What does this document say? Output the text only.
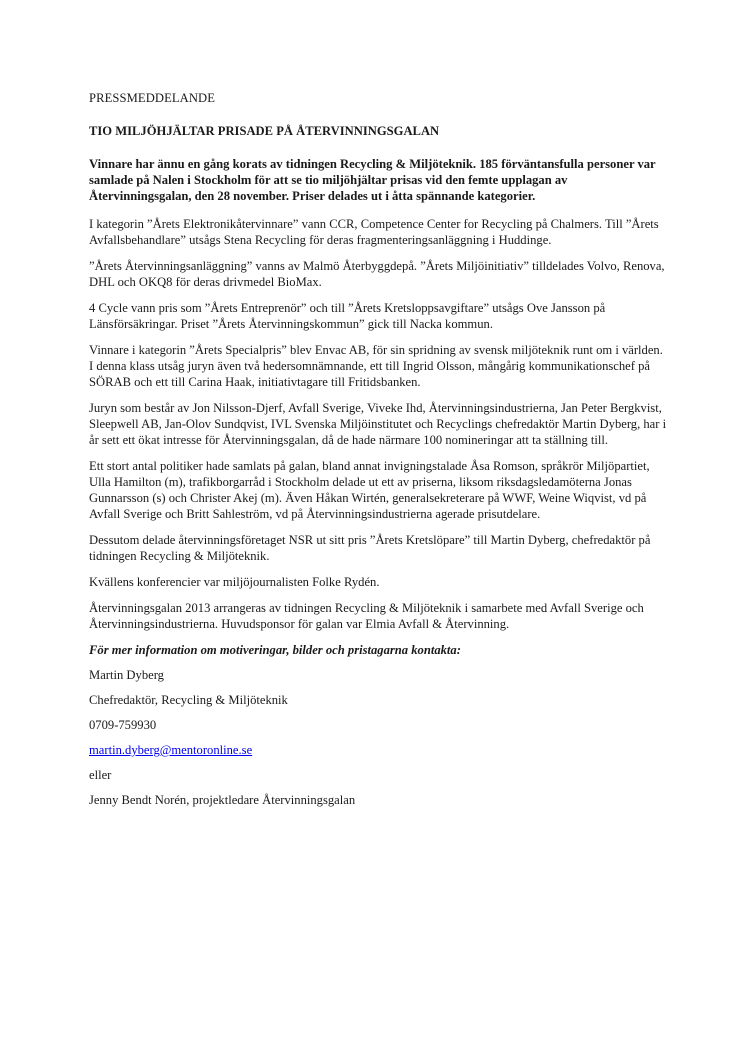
PRESSMEDDELANDE

TIO MILJÖHJÄLTAR PRISADE PÅ ÅTERVINNINGSGALAN

Vinnare har ännu en gång korats av tidningen Recycling & Miljöteknik. 185 förväntansfulla personer var samlade på Nalen i Stockholm för att se tio miljöhjältar prisas vid den femte upplagan av Återvinningsgalan, den 28 november. Priser delades ut i åtta spännande kategorier.

I kategorin ”Årets Elektronikåtervinnare” vann CCR, Competence Center for Recycling på Chalmers. Till ”Årets Avfallsbehandlare” utsågs Stena Recycling för deras fragmenteringsanläggning i Huddinge.

”Årets Återvinningsanläggning” vanns av Malmö Återbyggdepå. ”Årets Miljöinitiativ” tilldelades Volvo, Renova, DHL och OKQ8 för deras drivmedel BioMax.

4 Cycle vann pris som ”Årets Entreprenör” och till ”Årets Kretsloppsavgiftare” utsågs Ove Jansson på Länsförsäkringar. Priset ”Årets Återvinningskommun” gick till Nacka kommun.

Vinnare i kategorin ”Årets Specialpris” blev Envac AB, för sin spridning av svensk miljöteknik runt om i världen. I denna klass utsåg juryn även två hedersomnämnande, ett till Ingrid Olsson, mångårig kommunikationschef på SÖRAB och ett till Carina Haak, initiativtagare till Fritidsbanken.

Juryn som består av Jon Nilsson-Djerf, Avfall Sverige, Viveke Ihd, Återvinningsindustrierna, Jan Peter Bergkvist, Sleepwell AB, Jan-Olov Sundqvist, IVL Svenska Miljöinstitutet och Recyclings chefredaktör Martin Dyberg, har i år sett ett ökat intresse för Återvinningsgalan, då de hade närmare 100 nomineringar att ta ställning till.

Ett stort antal politiker hade samlats på galan, bland annat invigningstalade Åsa Romson, språkrör Miljöpartiet, Ulla Hamilton (m), trafikborgarråd i Stockholm delade ut ett av priserna, liksom riksdagsledamöterna Jonas Gunnarsson (s) och Christer Akej (m). Även Håkan Wirtén, generalsekreterare på WWF, Weine Wiqvist, vd på Avfall Sverige och Britt Sahleström, vd på Återvinningsindustrierna agerade prisutdelare.

Dessutom delade återvinningsföretaget NSR ut sitt pris ”Årets Kretslöpare” till Martin Dyberg, chefredaktör på tidningen Recycling & Miljöteknik.

Kvällens konferencier var miljöjournalisten Folke Rydén.

Återvinningsgalan 2013 arrangeras av tidningen Recycling & Miljöteknik i samarbete med Avfall Sverige och Återvinningsindustrierna. Huvudsponsor för galan var Elmia Avfall & Återvinning.

För mer information om motiveringar, bilder och pristagarna kontakta:

Martin Dyberg

Chefredaktör, Recycling & Miljöteknik

0709-759930

martin.dyberg@mentoronline.se

eller

Jenny Bendt Norén, projektledare Återvinningsgalan
